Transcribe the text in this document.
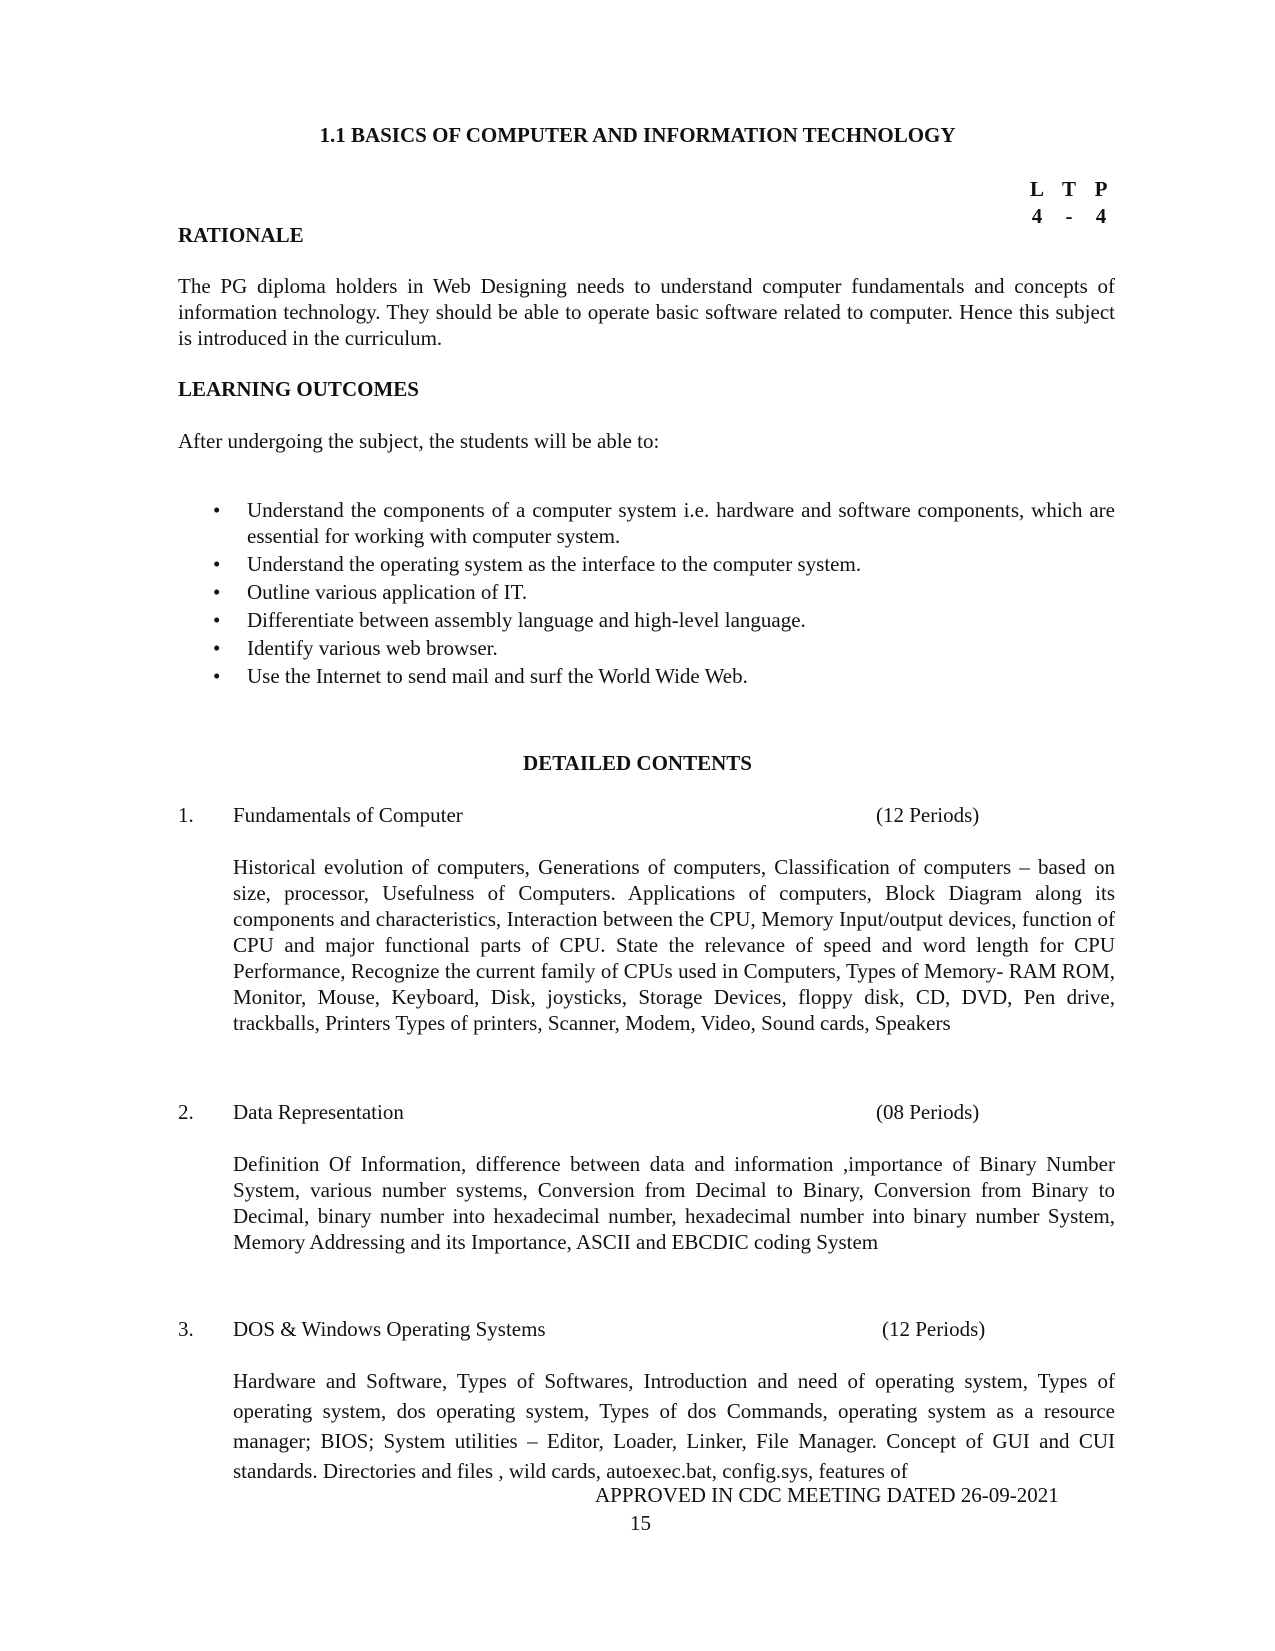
1.1 BASICS OF COMPUTER AND INFORMATION TECHNOLOGY
L T P
4	-	4
RATIONALE
The PG diploma holders in Web Designing needs to understand computer fundamentals and concepts of information technology. They should be able to operate basic software related to computer. Hence this subject is introduced in the curriculum.
LEARNING OUTCOMES
After undergoing the subject, the students will be able to:
• Understand the components of a computer system i.e. hardware and software components, which are essential for working with computer system.
• Understand the operating system as the interface to the computer system.
• Outline various application of IT.
• Differentiate between assembly language and high-level language.
• Identify various web browser.
• Use the Internet to send mail and surf the World Wide Web.
DETAILED CONTENTS
1. Fundamentals of Computer	(12 Periods)
Historical evolution of computers, Generations of computers, Classification of computers – based on size, processor, Usefulness of Computers. Applications of computers, Block Diagram along its components and characteristics, Interaction between the CPU, Memory Input/output devices, function of CPU and major functional parts of CPU. State the relevance of speed and word length for CPU Performance, Recognize the current family of CPUs used in Computers, Types of Memory- RAM ROM, Monitor, Mouse, Keyboard, Disk, joysticks, Storage Devices, floppy disk, CD, DVD, Pen drive, trackballs, Printers Types of printers, Scanner, Modem, Video, Sound cards, Speakers
2. Data Representation	(08 Periods)
Definition Of Information, difference between data and information ,importance of Binary Number System, various number systems, Conversion from Decimal to Binary, Conversion from Binary to Decimal, binary number into hexadecimal number, hexadecimal number into binary number System, Memory Addressing and its Importance, ASCII and EBCDIC coding System
3. DOS & Windows Operating Systems	(12 Periods)
Hardware and Software, Types of Softwares, Introduction and need of operating system, Types of operating system, dos operating system, Types of dos Commands, operating system as a resource manager; BIOS; System utilities – Editor, Loader, Linker, File Manager. Concept of GUI and CUI standards. Directories and files , wild cards, autoexec.bat, config.sys, features of
APPROVED IN CDC MEETING DATED 26-09-2021
15
